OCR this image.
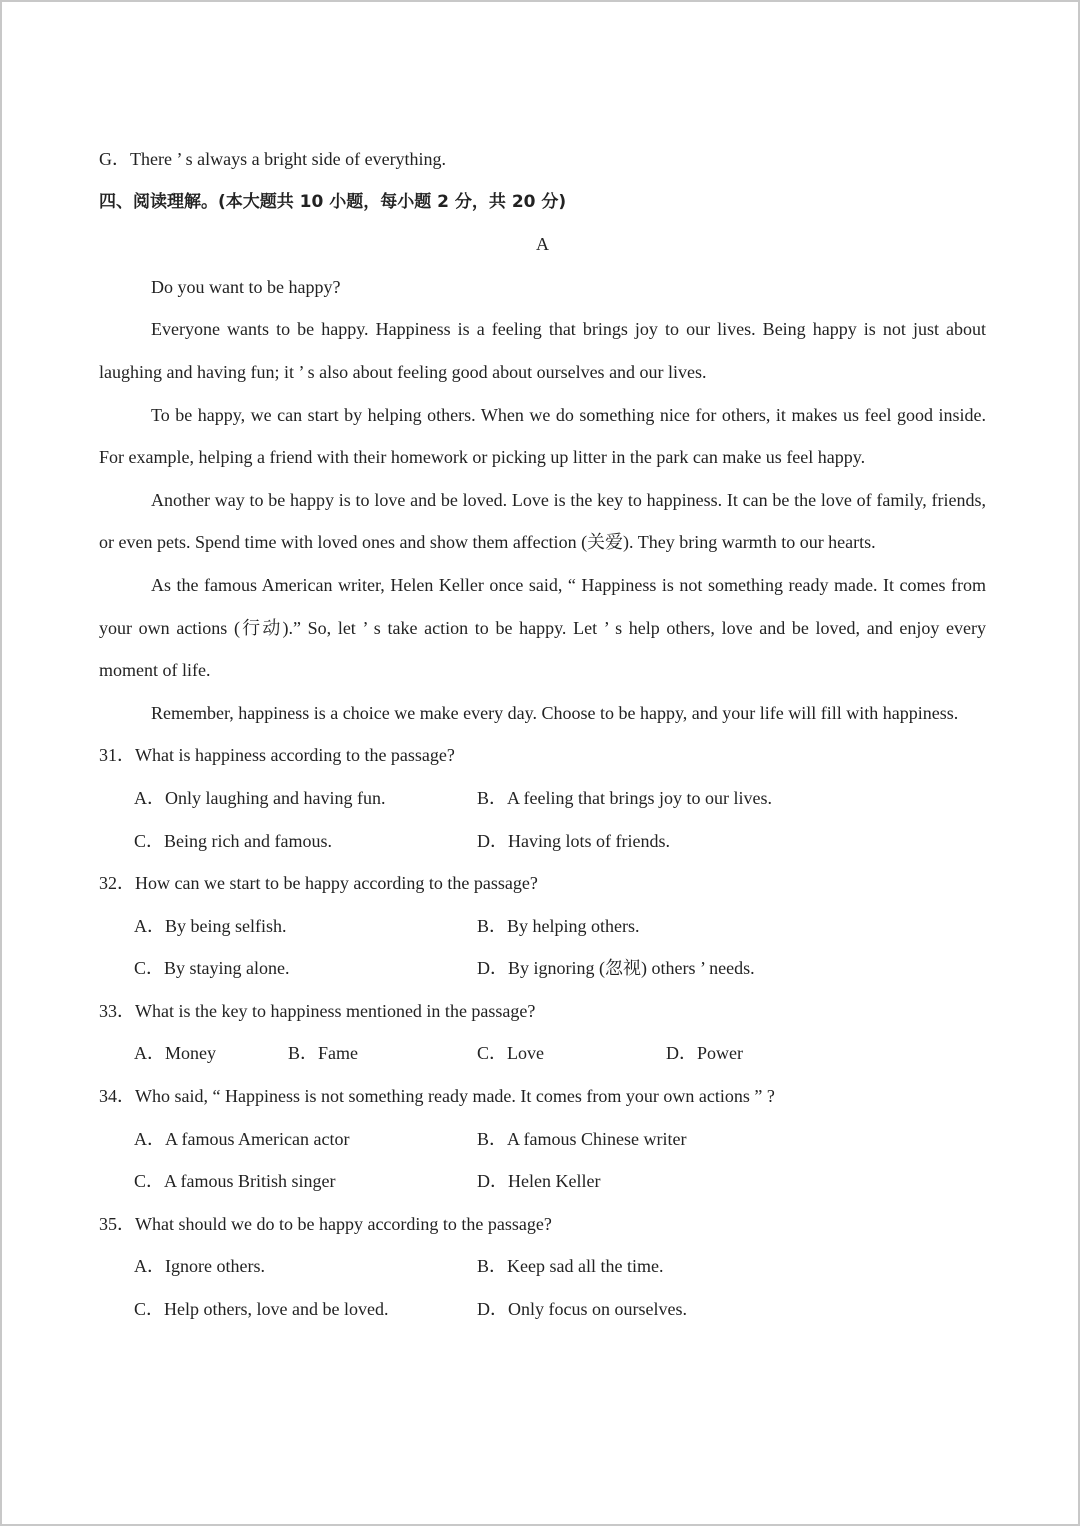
G．There ’ s always a bright side of everything.
四、阅读理解。(本大题共 10 小题，每小题 2 分，共 20 分)
A
Do you want to be happy?
Everyone wants to be happy. Happiness is a feeling that brings joy to our lives. Being happy is not just about laughing and having fun; it ’ s also about feeling good about ourselves and our lives.
To be happy, we can start by helping others. When we do something nice for others, it makes us feel good inside. For example, helping a friend with their homework or picking up litter in the park can make us feel happy.
Another way to be happy is to love and be loved. Love is the key to happiness. It can be the love of family, friends, or even pets. Spend time with loved ones and show them affection (关爱). They bring warmth to our hearts.
As the famous American writer, Helen Keller once said, “ Happiness is not something ready made. It comes from your own actions (行动).” So, let ’ s take action to be happy. Let ’ s help others, love and be loved, and enjoy every moment of life.
Remember, happiness is a choice we make every day. Choose to be happy, and your life will fill with happiness.
31．What is happiness according to the passage?
A．Only laughing and having fun.	B．A feeling that brings joy to our lives.
C．Being rich and famous.	D．Having lots of friends.
32．How can we start to be happy according to the passage?
A．By being selfish.	B．By helping others.
C．By staying alone.	D．By ignoring (忽视) others ’ needs.
33．What is the key to happiness mentioned in the passage?
A．Money	B．Fame	C．Love	D．Power
34．Who said, “ Happiness is not something ready made. It comes from your own actions ” ?
A．A famous American actor	B．A famous Chinese writer
C．A famous British singer	D．Helen Keller
35．What should we do to be happy according to the passage?
A．Ignore others.	B．Keep sad all the time.
C．Help others, love and be loved.	D．Only focus on ourselves.
